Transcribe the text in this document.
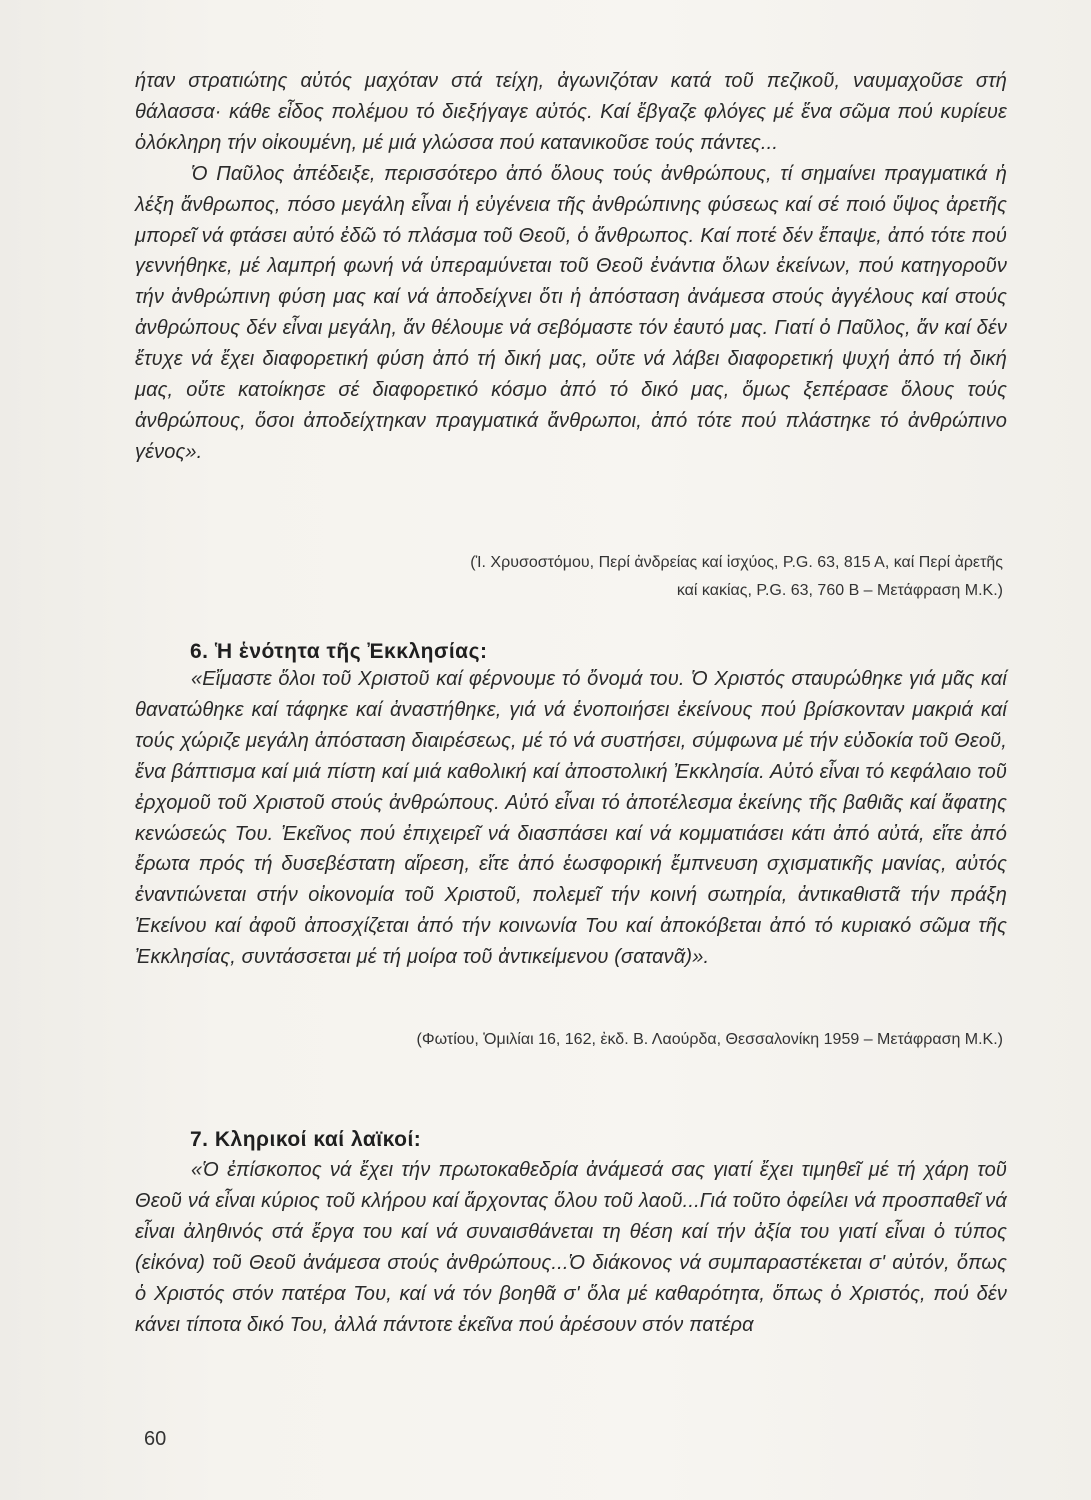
ήταν στρατιώτης αὐτός μαχόταν στά τείχη, ἀγωνιζόταν κατά τοῦ πεζικοῦ, ναυμαχοῦσε στή θάλασσα· κάθε εἶδος πολέμου τό διεξήγαγε αὐτός. Καί ἔβγαζε φλόγες μέ ἕνα σῶμα πού κυρίευε ὁλόκληρη τήν οἰκουμένη, μέ μιά γλώσσα πού κατανικοῦσε τούς πάντες...

Ὁ Παῦλος ἀπέδειξε, περισσότερο ἀπό ὅλους τούς ἀνθρώπους, τί σημαίνει πραγματικά ἡ λέξη ἄνθρωπος, πόσο μεγάλη εἶναι ἡ εὐγένεια τῆς ἀνθρώπινης φύσεως καί σέ ποιό ὕψος ἀρετῆς μπορεῖ νά φτάσει αὐτό ἐδῶ τό πλάσμα τοῦ Θεοῦ, ὁ ἄνθρωπος. Καί ποτέ δέν ἔπαψε, ἀπό τότε πού γεννήθηκε, μέ λαμπρή φωνή νά ὑπεραμύνεται τοῦ Θεοῦ ἐνάντια ὅλων ἐκείνων, πού κατηγοροῦν τήν ἀνθρώπινη φύση μας καί νά ἀποδείχνει ὅτι ἡ ἀπόσταση ἀνάμεσα στούς ἀγγέλους καί στούς ἀνθρώπους δέν εἶναι μεγάλη, ἄν θέλουμε νά σεβόμαστε τόν ἑαυτό μας. Γιατί ὁ Παῦλος, ἄν καί δέν ἔτυχε νά ἔχει διαφορετική φύση ἀπό τή δική μας, οὔτε νά λάβει διαφορετική ψυχή ἀπό τή δική μας, οὔτε κατοίκησε σέ διαφορετικό κόσμο ἀπό τό δικό μας, ὅμως ξεπέρασε ὅλους τούς ἀνθρώπους, ὅσοι ἀποδείχτηκαν πραγματικά ἄνθρωποι, ἀπό τότε πού πλάστηκε τό ἀνθρώπινο γένος».

(Ἰ. Χρυσοστόμου, Περί ἀνδρείας καί ἰσχύος, P.G. 63, 815 A, καί Περί ἀρετῆς
καί κακίας, P.G. 63, 760 B – Μετάφραση Μ.Κ.)
6. Ἡ ἑνότητα τῆς Ἐκκλησίας:

«Εἴμαστε ὅλοι τοῦ Χριστοῦ καί φέρνουμε τό ὄνομά του. Ὁ Χριστός σταυρώθηκε γιά μᾶς καί θανατώθηκε καί τάφηκε καί ἀναστήθηκε, γιά νά ἑνοποιήσει ἐκείνους πού βρίσκονταν μακριά καί τούς χώριζε μεγάλη ἀπόσταση διαιρέσεως, μέ τό νά συστήσει, σύμφωνα μέ τήν εὐδοκία τοῦ Θεοῦ, ἕνα βάπτισμα καί μιά πίστη καί μιά καθολική καί ἀποστολική Ἐκκλησία. Αὐτό εἶναι τό κεφάλαιο τοῦ ἐρχομοῦ τοῦ Χριστοῦ στούς ἀνθρώπους. Αὐτό εἶναι τό ἀποτέλεσμα ἐκείνης τῆς βαθιᾶς καί ἄφατης κενώσεώς Του. Ἐκεῖνος πού ἐπιχειρεῖ νά διασπάσει καί νά κομματιάσει κάτι ἀπό αὐτά, εἴτε ἀπό ἔρωτα πρός τή δυσεβέστατη αἵρεση, εἴτε ἀπό ἑωσφορική ἔμπνευση σχισματικῆς μανίας, αὐτός ἐναντιώνεται στήν οἰκονομία τοῦ Χριστοῦ, πολεμεῖ τήν κοινή σωτηρία, ἀντικαθιστᾶ τήν πράξη Ἐκείνου καί ἀφοῦ ἀποσχίζεται ἀπό τήν κοινωνία Του καί ἀποκόβεται ἀπό τό κυριακό σῶμα τῆς Ἐκκλησίας, συντάσσεται μέ τή μοίρα τοῦ ἀντικείμενου (σατανᾶ)».

(Φωτίου, Ὁμιλίαι 16, 162, ἐκδ. Β. Λαούρδα, Θεσσαλονίκη 1959 – Μετάφραση Μ.Κ.)
7. Κληρικοί καί λαϊκοί:

«Ὁ ἐπίσκοπος νά ἔχει τήν πρωτοκαθεδρία ἀνάμεσά σας γιατί ἔχει τιμηθεῖ μέ τή χάρη τοῦ Θεοῦ νά εἶναι κύριος τοῦ κλήρου καί ἄρχοντας ὅλου τοῦ λαοῦ...Γιά τοῦτο ὀφείλει νά προσπαθεῖ νά εἶναι ἀληθινός στά ἔργα του καί νά συναισθάνεται τη θέση καί τήν ἀξία του γιατί εἶναι ὁ τύπος (εἰκόνα) τοῦ Θεοῦ ἀνάμεσα στούς ἀνθρώπους...Ὁ διάκονος νά συμπαραστέκεται σ' αὐτόν, ὅπως ὁ Χριστός στόν πατέρα Του, καί νά τόν βοηθᾶ σ' ὅλα μέ καθαρότητα, ὅπως ὁ Χριστός, πού δέν κάνει τίποτα δικό Του, ἀλλά πάντοτε ἐκεῖνα πού ἀρέσουν στόν πατέρα

60
